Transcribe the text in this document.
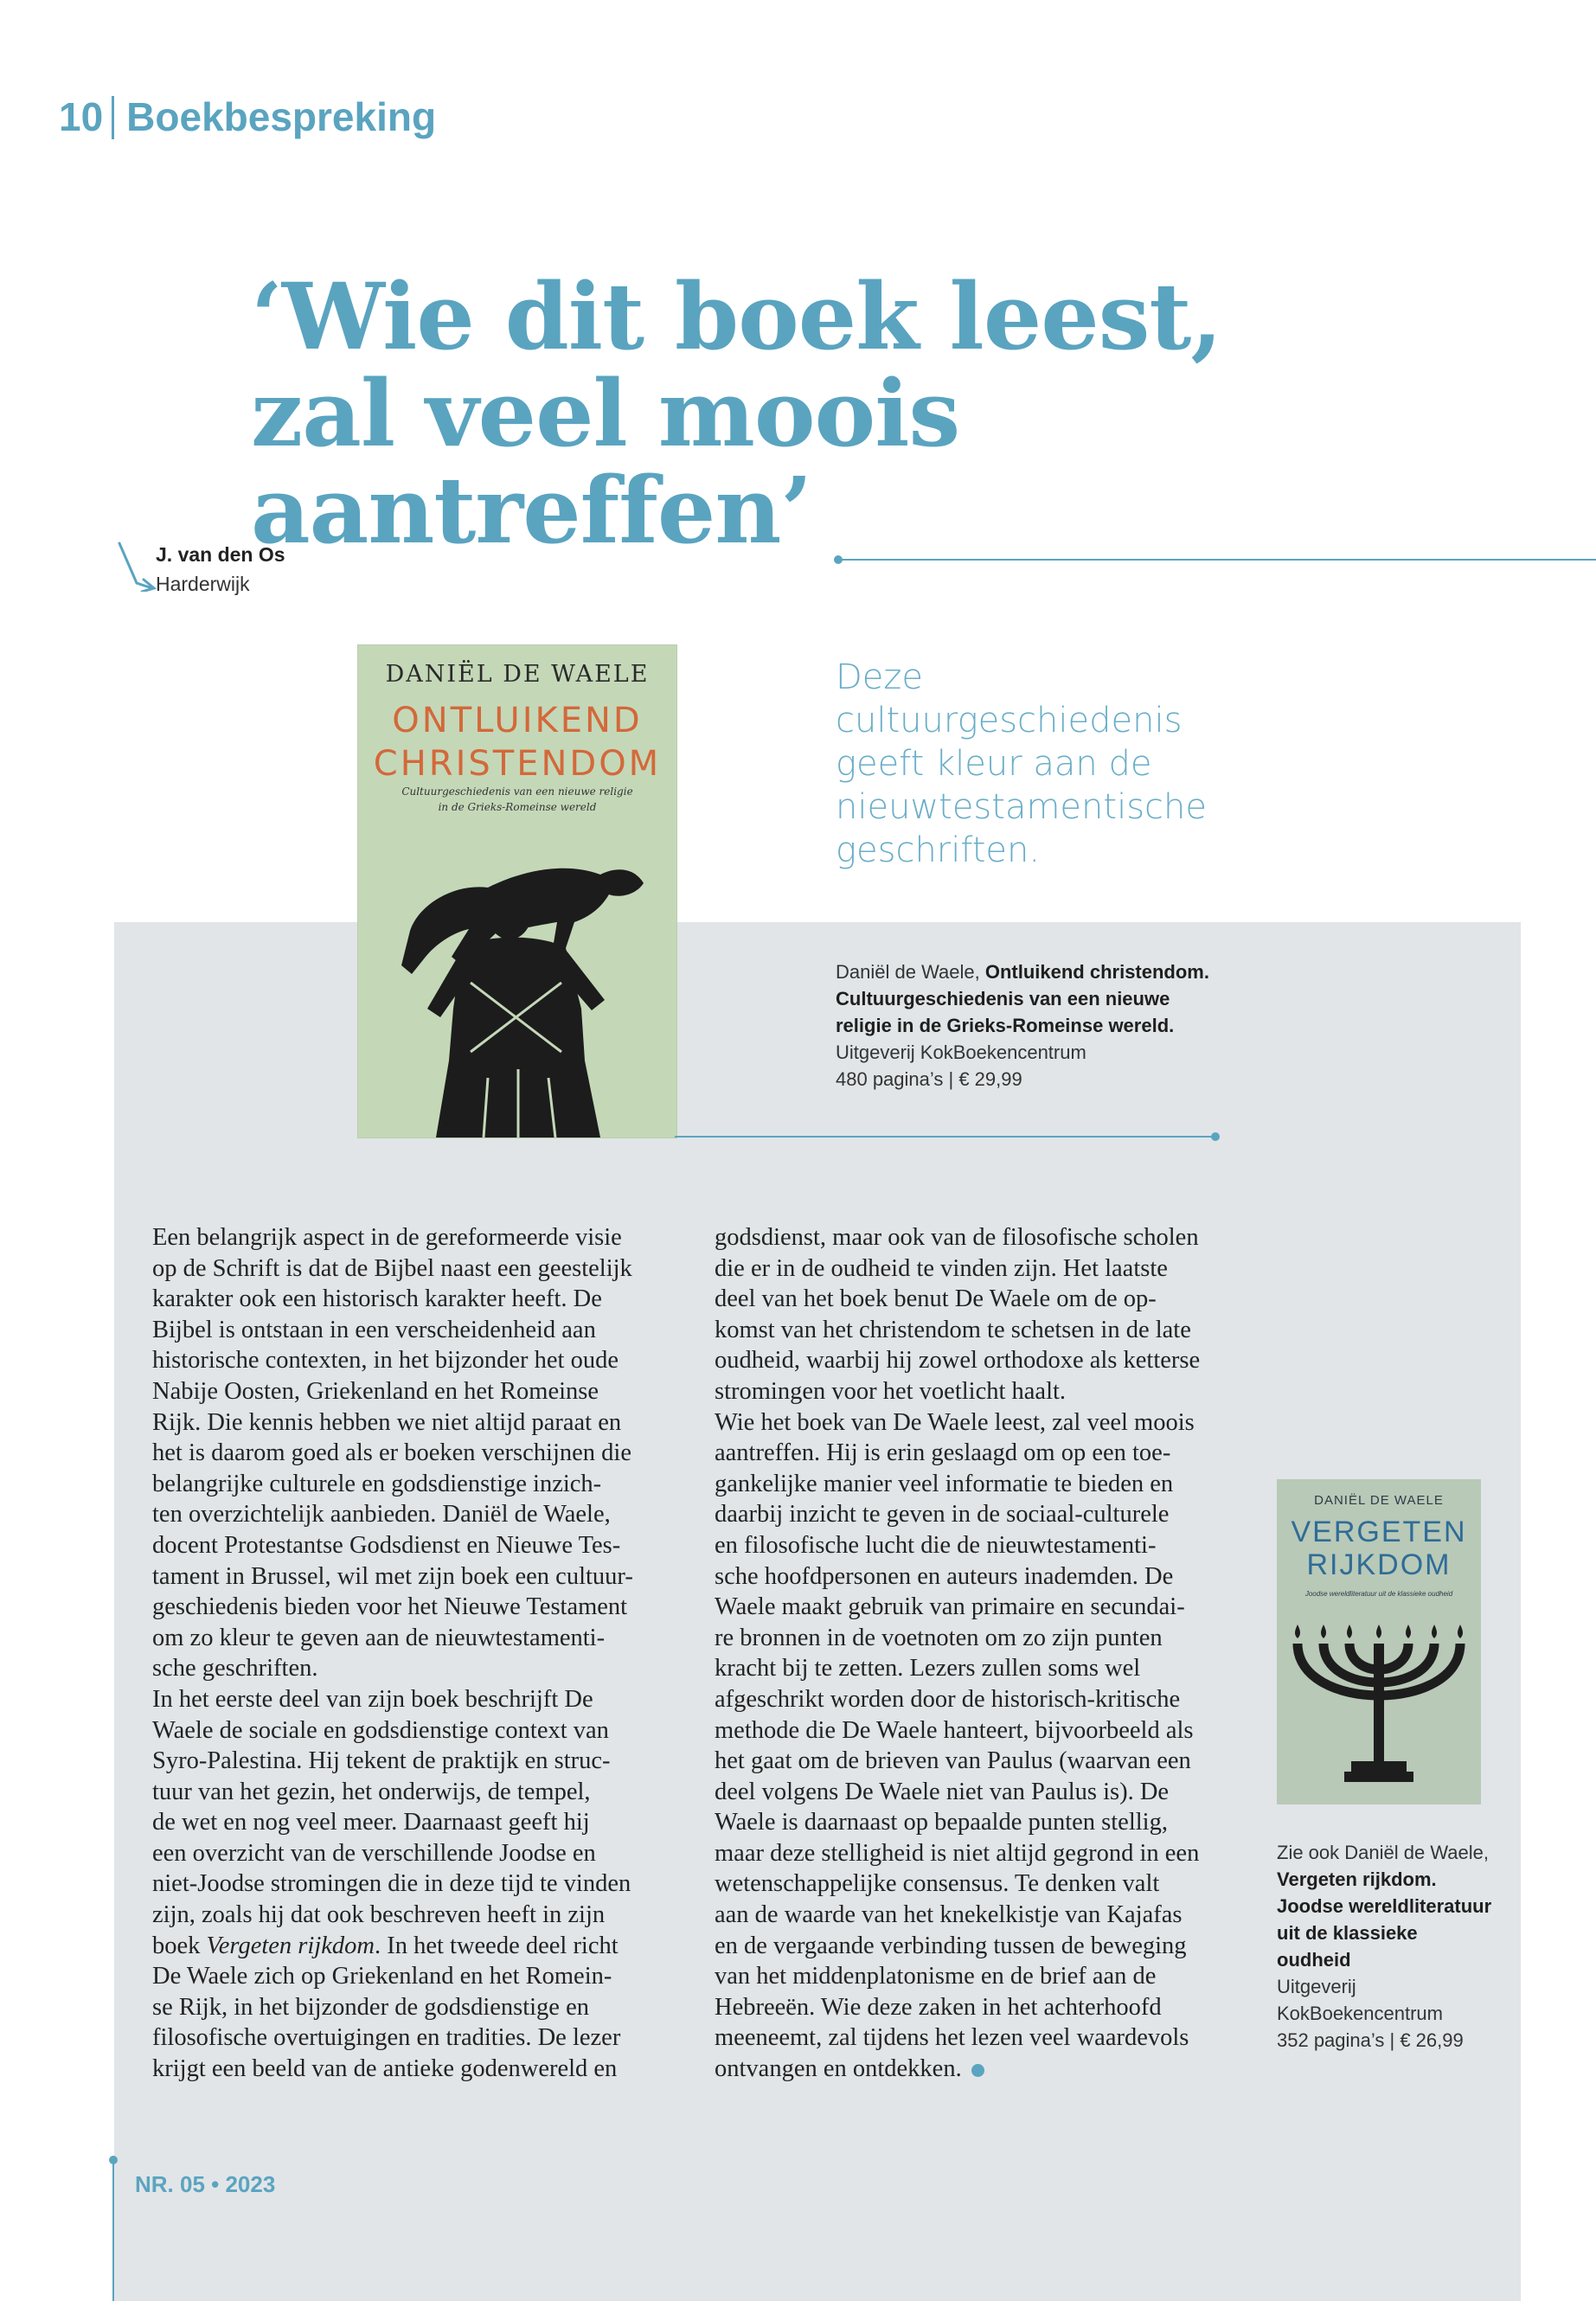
10 Boekbespreking
‘Wie dit boek leest,
zal veel moois aantreffen’
J. van den Os
Harderwijk
DANIËL DE WAELE
ONTLUIKEND
CHRISTENDOM
Cultuurgeschiedenis van een nieuwe religie
in de Grieks-Romeinse wereld
Deze cultuurgeschiedenis geeft kleur aan de nieuwtestamentische geschriften.
Daniël de Waele, Ontluikend christendom. Cultuurgeschiedenis van een nieuwe religie in de Grieks-Romeinse wereld.
Uitgeverij KokBoekencentrum
480 pagina’s | € 29,99

Een belangrijk aspect in de gereformeerde visie

op de Schrift is dat de Bijbel naast een geestelijk

karakter ook een historisch karakter heeft. De

Bijbel is ontstaan in een verscheidenheid aan

historische contexten, in het bijzonder het oude

Nabije Oosten, Griekenland en het Romeinse

Rijk. Die kennis hebben we niet altijd paraat en

het is daarom goed als er boeken verschijnen die

belangrijke culturele en godsdienstige inzich-

ten overzichtelijk aanbieden. Daniël de Waele,

docent Protestantse Godsdienst en Nieuwe Tes-

tament in Brussel, wil met zijn boek een cultuur-

geschiedenis bieden voor het Nieuwe Testament

om zo kleur te geven aan de nieuwtestamenti-

sche geschriften.

In het eerste deel van zijn boek beschrijft De

Waele de sociale en godsdienstige context van

Syro-Palestina. Hij tekent de praktijk en struc-

tuur van het gezin, het onderwijs, de tempel,

de wet en nog veel meer. Daarnaast geeft hij

een overzicht van de verschillende Joodse en

niet-Joodse stromingen die in deze tijd te vinden

zijn, zoals hij dat ook beschreven heeft in zijn

boek Vergeten rijkdom. In het tweede deel richt

De Waele zich op Griekenland en het Romein-

se Rijk, in het bijzonder de godsdienstige en

filosofische overtuigingen en tradities. De lezer

krijgt een beeld van de antieke godenwereld en

godsdienst, maar ook van de filosofische scholen

die er in de oudheid te vinden zijn. Het laatste

deel van het boek benut De Waele om de op-

komst van het christendom te schetsen in de late

oudheid, waarbij hij zowel orthodoxe als ketterse

stromingen voor het voetlicht haalt.

Wie het boek van De Waele leest, zal veel moois

aantreffen. Hij is erin geslaagd om op een toe-

gankelijke manier veel informatie te bieden en

daarbij inzicht te geven in de sociaal-culturele

en filosofische lucht die de nieuwtestamenti-

sche hoofdpersonen en auteurs inademden. De

Waele maakt gebruik van primaire en secundai-

re bronnen in de voetnoten om zo zijn punten

kracht bij te zetten. Lezers zullen soms wel

afgeschrikt worden door de historisch-kritische

methode die De Waele hanteert, bijvoorbeeld als

het gaat om de brieven van Paulus (waarvan een

deel volgens De Waele niet van Paulus is). De

Waele is daarnaast op bepaalde punten stellig,

maar deze stelligheid is niet altijd gegrond in een

wetenschappelijke consensus. Te denken valt

aan de waarde van het knekelkistje van Kajafas

en de vergaande verbinding tussen de beweging

van het middenplatonisme en de brief aan de

Hebreeën. Wie deze zaken in het achterhoofd

meeneemt, zal tijdens het lezen veel waardevols

ontvangen en ontdekken.

DANIËL DE WAELE
VERGETEN
RIJKDOM
Joodse wereldliteratuur uit de klassieke oudheid
Zie ook Daniël de Waele, Vergeten rijkdom. Joodse wereldliteratuur uit de klassieke oudheid
Uitgeverij KokBoekencentrum
352 pagina’s | € 26,99
NR. 05 • 2023
